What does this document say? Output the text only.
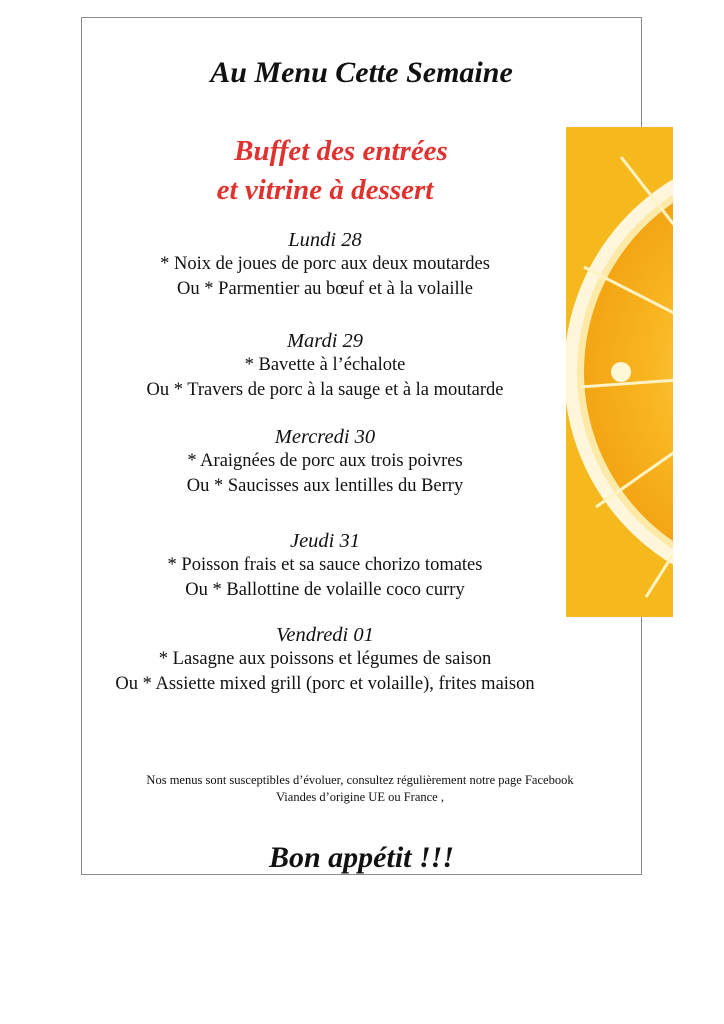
Au Menu Cette Semaine
Buffet des entrées
et vitrine à dessert
Lundi 28
* Noix de joues de porc aux deux moutardes
Ou * Parmentier au bœuf et à la volaille
Mardi 29
* Bavette à l’échalote
Ou * Travers de porc à la sauge et à la moutarde
Mercredi 30
* Araignées de porc aux trois poivres
Ou * Saucisses aux lentilles du Berry
Jeudi 31
* Poisson frais et sa sauce chorizo tomates
Ou * Ballottine de volaille coco curry
Vendredi 01
* Lasagne aux poissons et légumes de saison
Ou * Assiette mixed grill (porc et volaille), frites maison
Nos menus sont susceptibles d’évoluer, consultez régulièrement notre page Facebook
Viandes d’origine UE ou France ,
Bon appétit !!!
